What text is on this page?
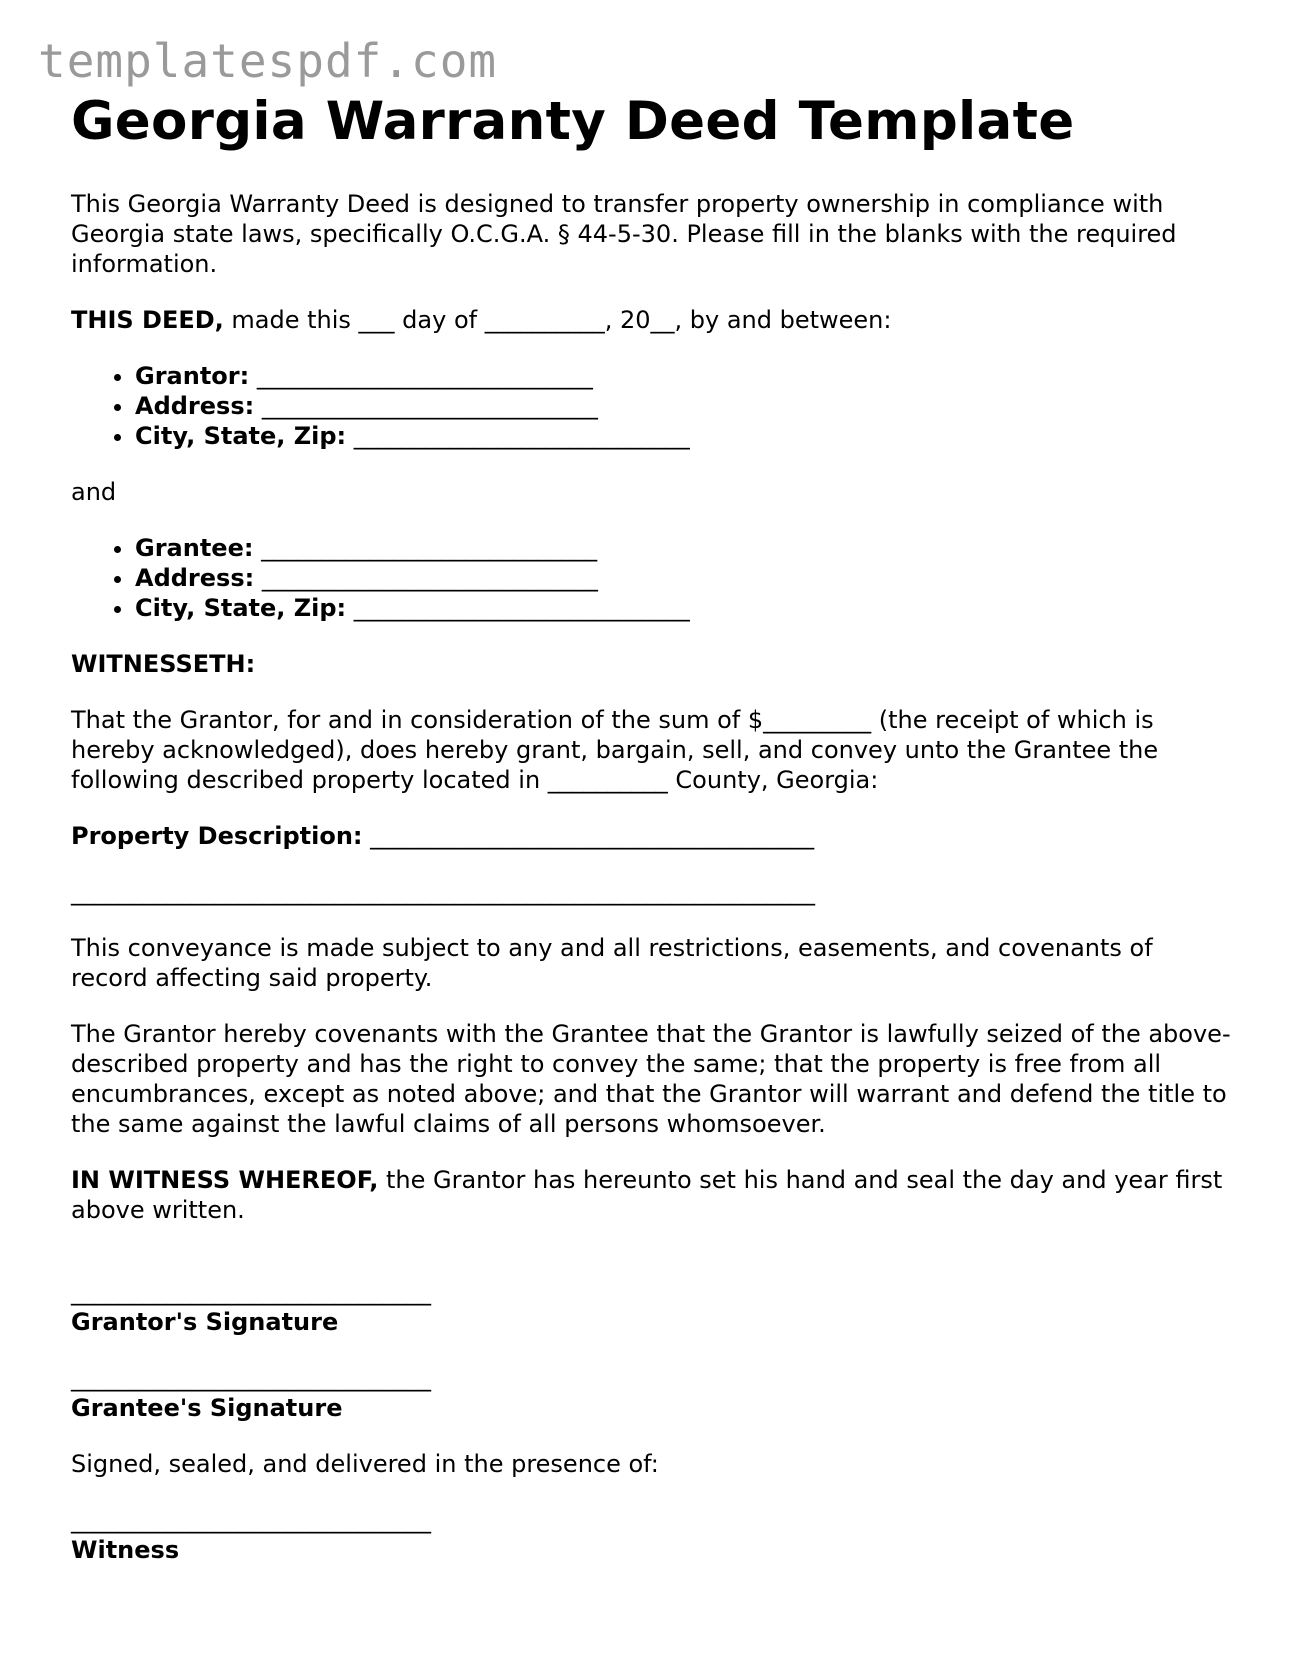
templatespdf.com
Georgia Warranty Deed Template

This Georgia Warranty Deed is designed to transfer property ownership in compliance with Georgia state laws, specifically O.C.G.A. § 44-5-30. Please fill in the blanks with the required information.

THIS DEED, made this ___ day of __________, 20__, by and between:

• Grantor: ____________________________
• Address: ____________________________
• City, State, Zip: ____________________________

and

• Grantee: ____________________________
• Address: ____________________________
• City, State, Zip: ____________________________

WITNESSETH:

That the Grantor, for and in consideration of the sum of $_________ (the receipt of which is hereby acknowledged), does hereby grant, bargain, sell, and convey unto the Grantee the following described property located in __________ County, Georgia:

Property Description: _____________________________________

______________________________________________________________

This conveyance is made subject to any and all restrictions, easements, and covenants of record affecting said property.

The Grantor hereby covenants with the Grantee that the Grantor is lawfully seized of the above-described property and has the right to convey the same; that the property is free from all encumbrances, except as noted above; and that the Grantor will warrant and defend the title to the same against the lawful claims of all persons whomsoever.

IN WITNESS WHEREOF, the Grantor has hereunto set his hand and seal the day and year first above written.

______________________________
Grantor's Signature
______________________________
Grantee's Signature

Signed, sealed, and delivered in the presence of:

______________________________
Witness
